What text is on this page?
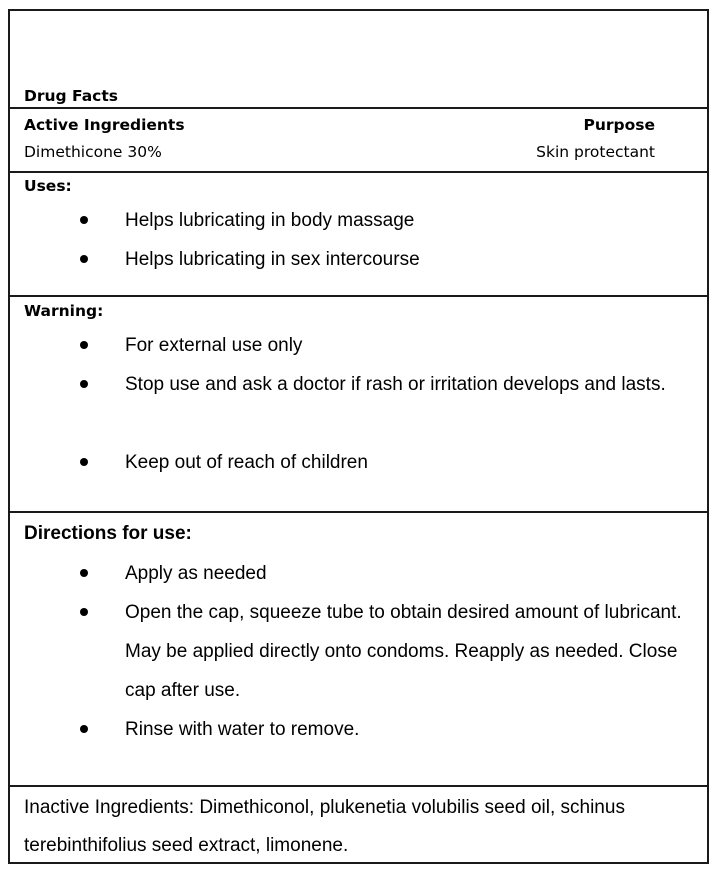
Drug Facts
Active Ingredients	Purpose
Dimethicone 30%	Skin protectant
Uses:
Helps lubricating in body massage
Helps lubricating in sex intercourse
Warning:
For external use only
Stop use and ask a doctor if rash or irritation develops and lasts.
Keep out of reach of children
Directions for use:
Apply as needed
Open the cap, squeeze tube to obtain desired amount of lubricant. May be applied directly onto condoms. Reapply as needed. Close cap after use.
Rinse with water to remove.
Inactive Ingredients: Dimethiconol, plukenetia volubilis seed oil, schinus terebinthifolius seed extract, limonene.
